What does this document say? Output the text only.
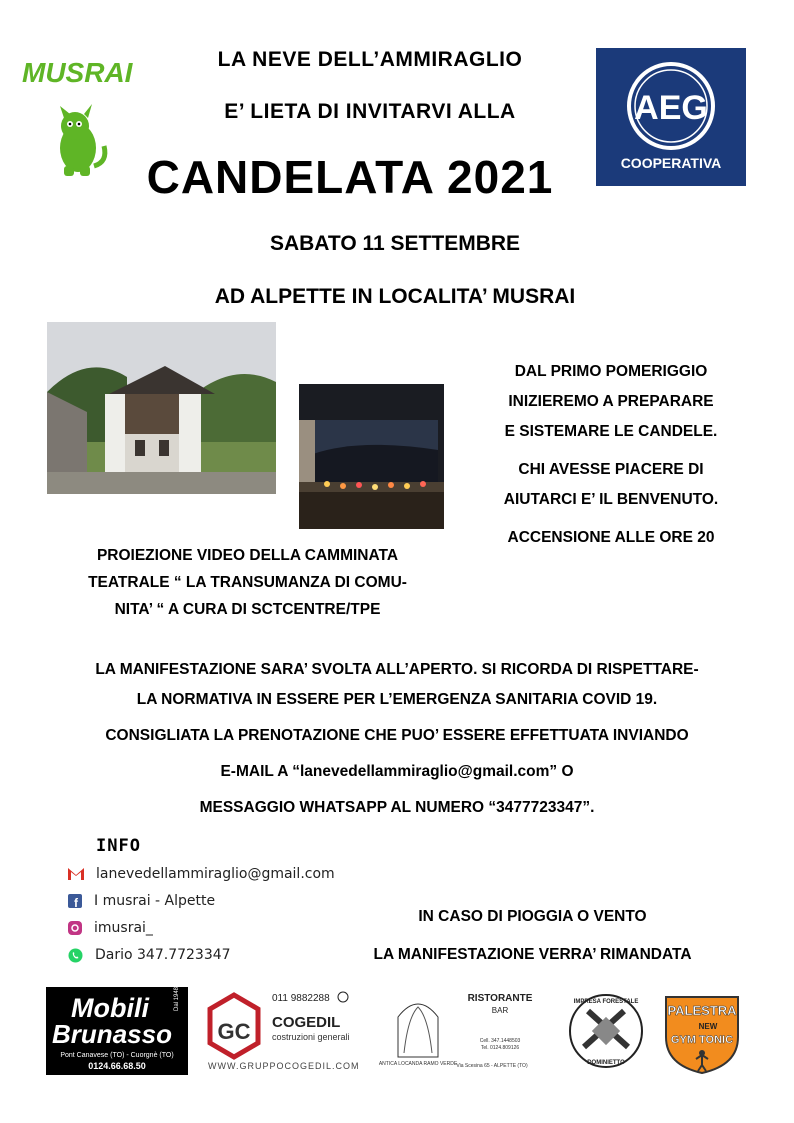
MUSRAI	LA NEVE DELL’AMMIRAGLIO
E’ LIETA DI INVITARVI ALLA
CANDELATA 2021
SABATO 11 SETTEMBRE
AD ALPETTE IN LOCALITA’ MUSRAI
AEG
COOPERATIVA
DAL PRIMO POMERIGGIO
INIZIEREMO A PREPARARE
E SISTEMARE LE CANDELE.
CHI AVESSE PIACERE DI
AIUTARCI E’ IL BENVENUTO.
ACCENSIONE ALLE ORE 20
PROIEZIONE VIDEO DELLA CAMMINATA
TEATRALE “ LA TRANSUMANZA DI COMU-
NITA’ “ A CURA DI SCTCENTRE/TPE
LA MANIFESTAZIONE SARA’ SVOLTA ALL’APERTO. SI RICORDA DI RISPETTARE-
LA NORMATIVA IN ESSERE PER L’EMERGENZA SANITARIA COVID 19.
CONSIGLIATA LA PRENOTAZIONE CHE PUO’ ESSERE EFFETTUATA INVIANDO
E-MAIL A “lanevedellammiraglio@gmail.com” O
MESSAGGIO WHATSAPP AL NUMERO “3477723347”.
INFO
lanevedellammiraglio@gmail.com
f I musrai - Alpette
imusrai_
Dario 347.7723347
IN CASO DI PIOGGIA O VENTO
LA MANIFESTAZIONE VERRA’ RIMANDATA
Mobili
Brunasso
Dal 1948
Pont Canavese (TO) - Cuorgnè (TO)
0124.66.68.50
GC
011 9882288
COGEDIL
costruzioni generali
WWW.GRUPPOCOGEDIL.COM	ANTICA LOCANDA RAMO VERDE
RISTORANTE
BAR
Cell. 347.1448503
Tel. 0124.809126
Via Scesina 65 - ALPETTE (TO)
IMPRESA FORESTALE
DOMINIETTO
PALESTRA
NEW
GYM TONIC
